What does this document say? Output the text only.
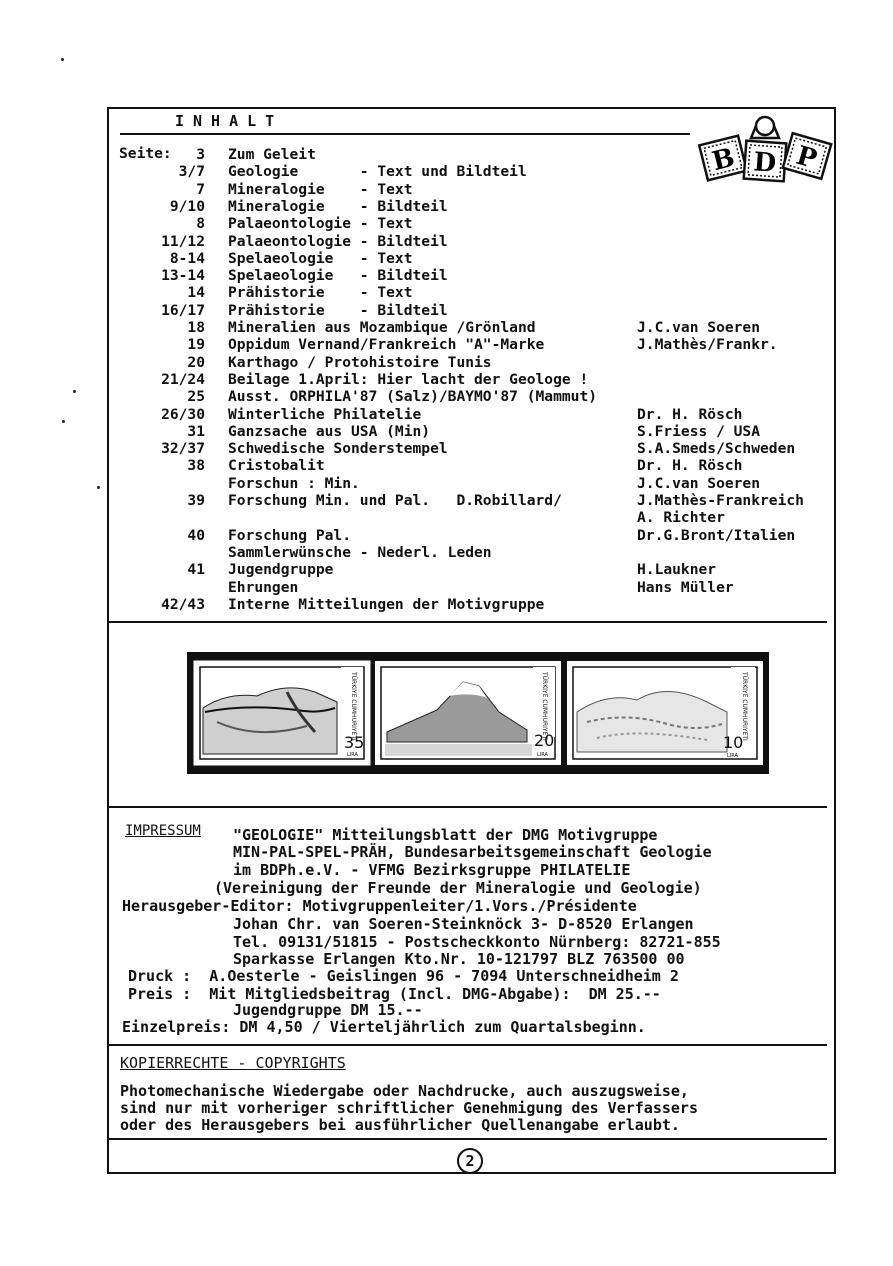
INHALT
B D P
Seite:	3 Zum Geleit
3/7 Geologie       - Text und Bildteil
7 Mineralogie    - Text
9/10 Mineralogie    - Bildteil
8 Palaeontologie - Text
11/12 Palaeontologie - Bildteil
8-14 Spelaeologie   - Text
13-14 Spelaeologie   - Bildteil
14 Prähistorie    - Text
16/17 Prähistorie    - Bildteil
18 Mineralien aus Mozambique /Grönland	J.C.van Soeren
19 Oppidum Vernand/Frankreich "A"-Marke	J.Mathès/Frankr.
20 Karthago / Protohistoire Tunis
21/24 Beilage 1.April: Hier lacht der Geologe !
25 Ausst. ORPHILA'87 (Salz)/BAYMO'87 (Mammut)
26/30 Winterliche Philatelie	Dr. H. Rösch
31 Ganzsache aus USA (Min)	S.Friess / USA
32/37 Schwedische Sonderstempel	S.A.Smeds/Schweden
38 Cristobalit	Dr. H. Rösch
Forschun : Min.	J.C.van Soeren
39 Forschung Min. und Pal.   D.Robillard/	J.Mathès-Frankreich
A. Richter
40 Forschung Pal.	Dr.G.Bront/Italien
Sammlerwünsche - Nederl. Leden
41 Jugendgruppe	H.Laukner
Ehrungen	Hans Müller
42/43 Interne Mitteilungen der Motivgruppe
35
LIRA
TÜRKIYE CUMHURIYETI	20
LIRA
TÜRKIYE CUMHURIYETI
10
LIRA
TÜRKIYE CUMHURIYETI
IMPRESSUM "GEOLOGIE" Mitteilungsblatt der DMG Motivgruppe
MIN-PAL-SPEL-PRÄH, Bundesarbeitsgemeinschaft Geologie
im BDPh.e.V. - VFMG Bezirksgruppe PHILATELIE
(Vereinigung der Freunde der Mineralogie und Geologie)
Herausgeber-Editor: Motivgruppenleiter/1.Vors./Présidente
Johan Chr. van Soeren-Steinknöck 3- D-8520 Erlangen
Tel. 09131/51815 - Postscheckkonto Nürnberg: 82721-855
Sparkasse Erlangen Kto.Nr. 10-121797 BLZ 763500 00
Druck :  A.Oesterle - Geislingen 96 - 7094 Unterschneidheim 2
Preis :  Mit Mitgliedsbeitrag (Incl. DMG-Abgabe):  DM 25.--
Jugendgruppe DM 15.--
Einzelpreis: DM 4,50 / Vierteljährlich zum Quartalsbeginn.
KOPIERRECHTE - COPYRIGHTS
Photomechanische Wiedergabe oder Nachdrucke, auch auszugsweise,
sind nur mit vorheriger schriftlicher Genehmigung des Verfassers
oder des Herausgebers bei ausführlicher Quellenangabe erlaubt.
2
